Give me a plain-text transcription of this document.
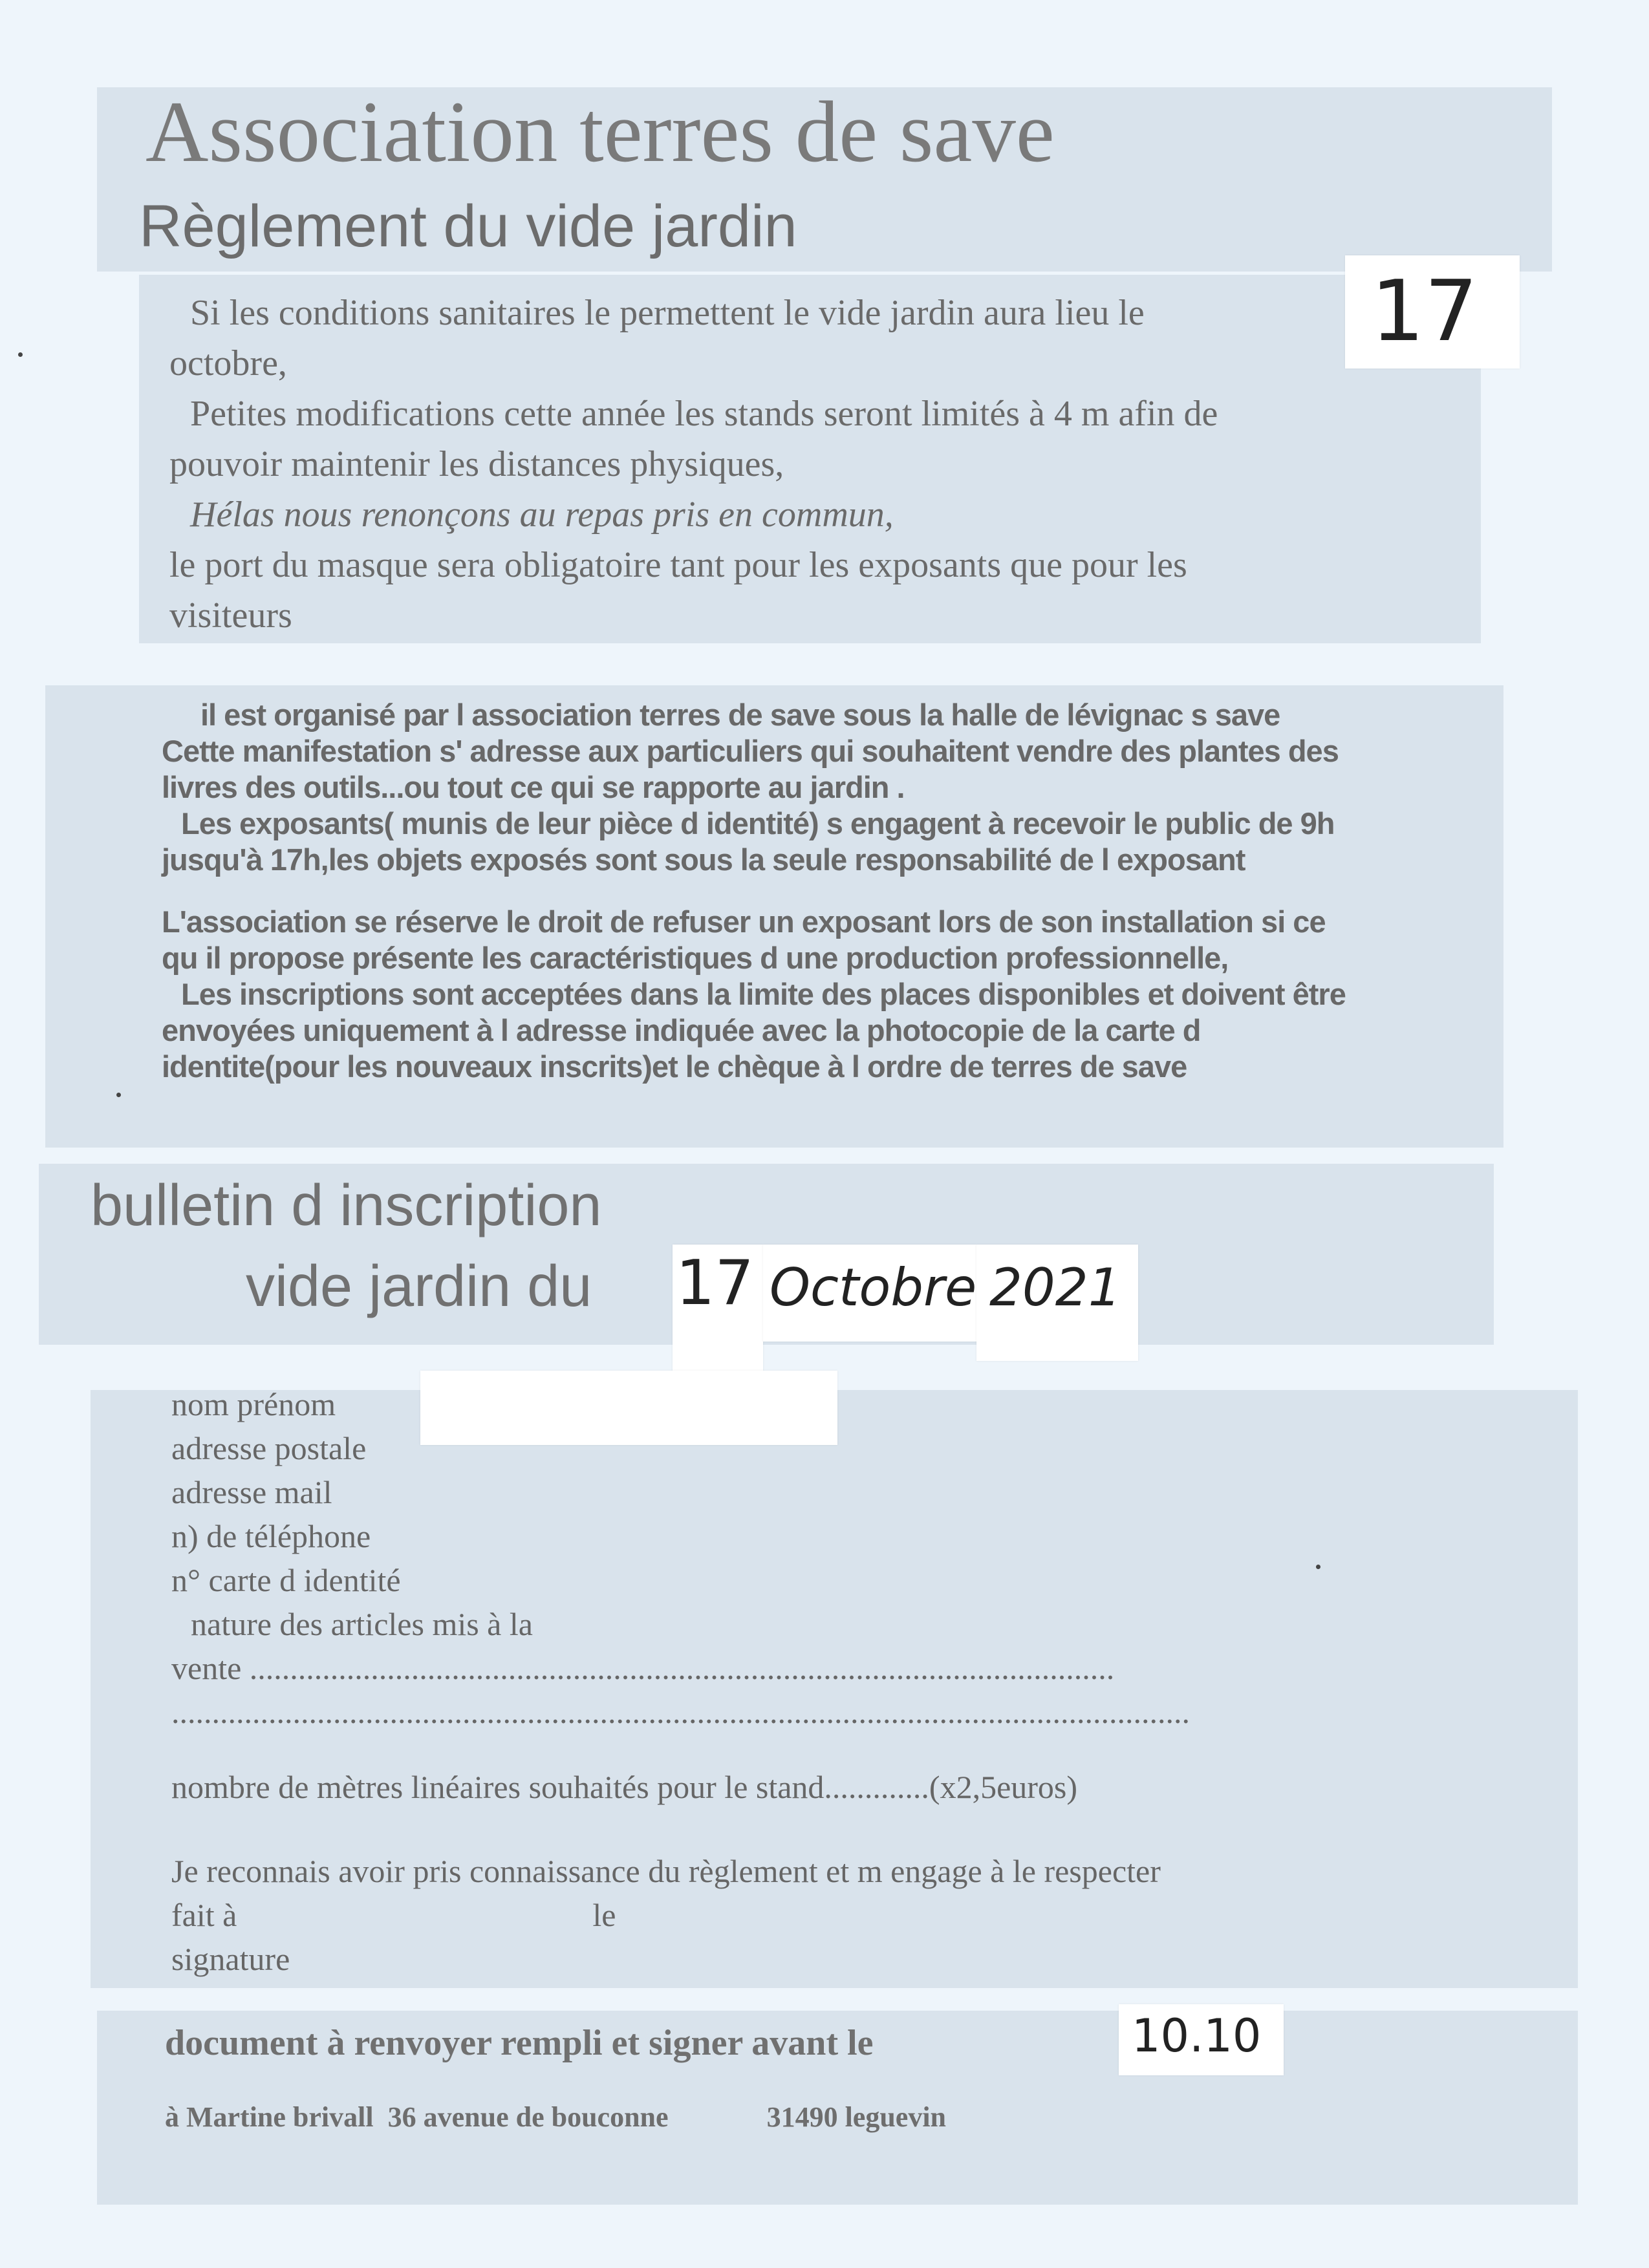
Association terres de save
Règlement du vide jardin
Si les conditions sanitaires le permettent le vide jardin aura lieu le
octobre,
Petites modifications cette année les stands seront limités à 4 m afin de
pouvoir maintenir les distances physiques,
Hélas nous renonçons au repas pris en commun,
le port du masque sera obligatoire tant pour les exposants que pour les
visiteurs
il est organisé par l association terres de save sous la halle de lévignac s save
Cette manifestation s' adresse aux particuliers qui souhaitent vendre des plantes des
livres des outils...ou tout ce qui se rapporte au jardin .
Les exposants( munis de leur pièce d identité) s engagent à recevoir le public de 9h
jusqu'à 17h,les objets exposés sont sous la seule responsabilité de l exposant
L'association se réserve le droit de refuser un exposant lors de son installation si ce
qu il propose présente les caractéristiques d une production professionnelle,
Les inscriptions sont acceptées dans la limite des places disponibles et doivent être
envoyées uniquement à l adresse indiquée avec la photocopie de la carte d
identite(pour les nouveaux inscrits)et le chèque à l ordre de terres de save
bulletin d inscription
vide jardin du
nom prénom
adresse postale
adresse mail
n) de téléphone
n° carte d identité
nature des articles mis à la
vente ...........................................................................................................
..............................................................................................................................
nombre de mètres linéaires souhaités pour le stand.............(x2,5euros)
Je reconnais avoir pris connaissance du règlement et m engage à le respecter
fait à	le
signature
document à renvoyer rempli et signer avant le
à Martine brivall 36 avenue de bouconne	31490 leguevin
17
17 Octobre 2021
10.10
